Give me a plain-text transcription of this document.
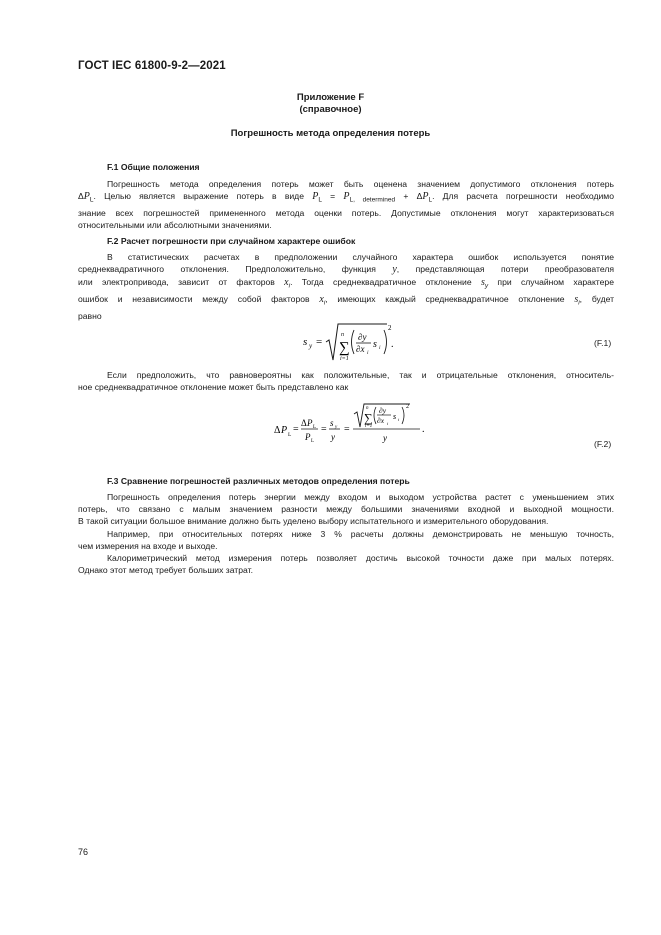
ГОСТ IEC 61800-9-2—2021
Приложение F
(справочное)
Погрешность метода определения потерь
F.1 Общие положения
Погрешность метода определения потерь может быть оценена значением допустимого отклонения потерь
$\Delta P_L$. Целью является выражение потерь в виде $P_L = P_{L, determined} + \Delta P_L$. Для расчета погрешности необходимо
знание всех погрешностей примененного метода оценки потерь. Допустимые отклонения могут характеризоваться
относительными или абсолютными значениями.
F.2 Расчет погрешности при случайном характере ошибок
В статистических расчетах в предположении случайного характера ошибок используется понятие
среднеквадратичного отклонения. Предположительно, функция y, представляющая потери преобразователя
или электропривода, зависит от факторов $x_i$. Тогда среднеквадратичное отклонение $s_y$ при случайном характере
ошибок и независимости между собой факторов $x_i$, имеющих каждый среднеквадратичное отклонение $s_i$, будет
равно
s y = ∑
n
i=1
∂y
∂x i
s i
2
.	(F.1)
Если предположить, что равновероятны как положительные, так и отрицательные отклонения, относитель-
ное среднеквадратичное отклонение может быть представлено как
Δ P L =
Δ P L
P L
=
s y
y
=
∑
n
i=1
∂y
∂x i
s i
2
y
.
(F.2)
F.3 Сравнение погрешностей различных методов определения потерь
Погрешность определения потерь энергии между входом и выходом устройства растет с уменьшением этих
потерь, что связано с малым значением разности между большими значениями входной и выходной мощности.
В такой ситуации большое внимание должно быть уделено выбору испытательного и измерительного оборудования.
Например, при относительных потерях ниже 3 % расчеты должны демонстрировать не меньшую точность,
чем измерения на входе и выходе.
Калориметрический метод измерения потерь позволяет достичь высокой точности даже при малых потерях.
Однако этот метод требует больших затрат.
76
